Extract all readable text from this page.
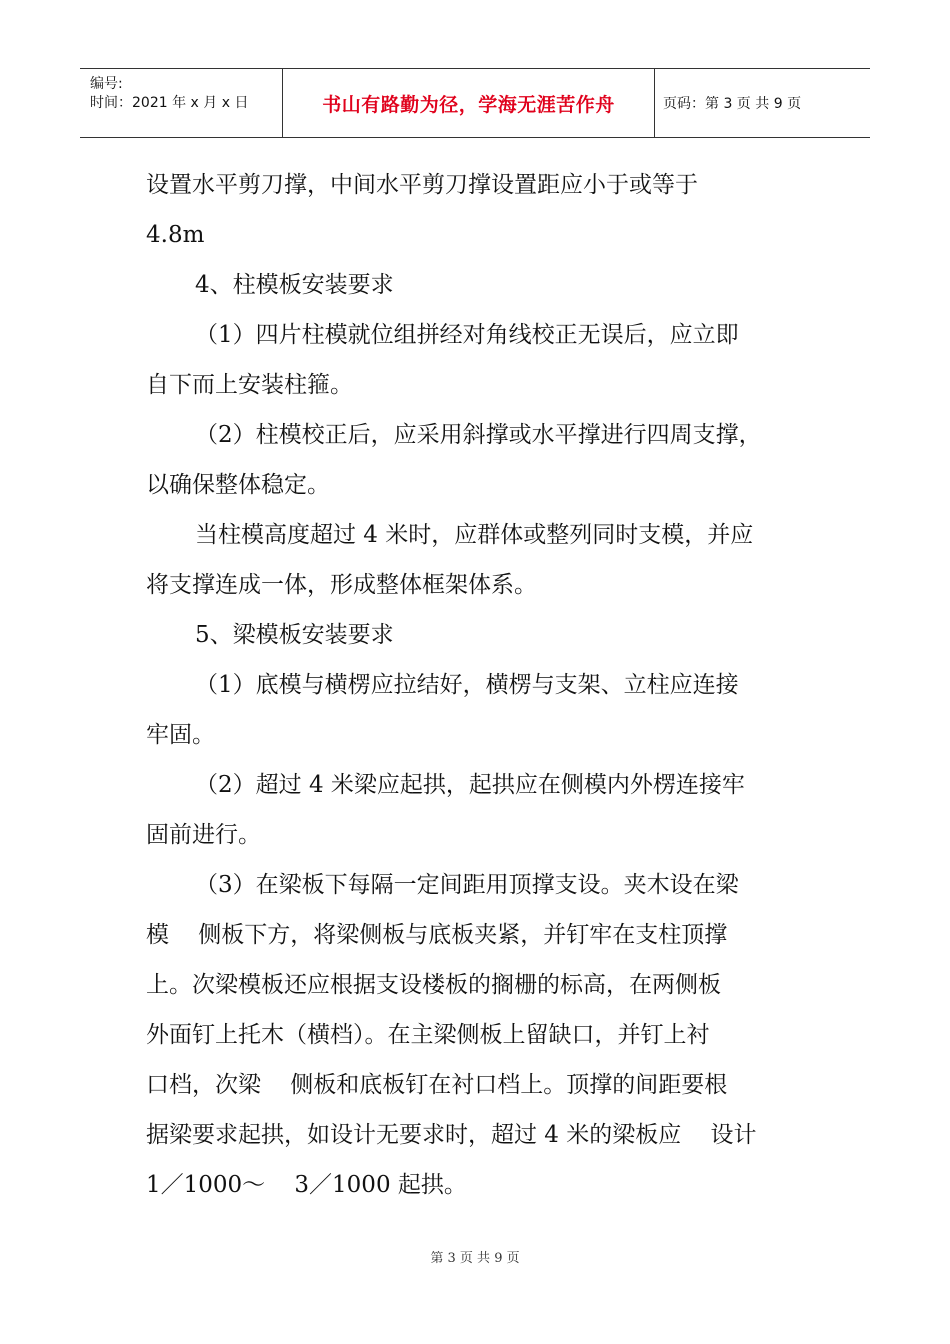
编号:
时间：2021 年 x 月 x 日	书山有路勤为径，学海无涯苦作舟	页码：第 3 页 共 9 页
设置水平剪刀撑，中间水平剪刀撑设置距应小于或等于
4.8m
4、柱模板安装要求
（1）四片柱模就位组拼经对角线校正无误后，应立即
自下而上安装柱箍。
（2）柱模校正后，应采用斜撑或水平撑进行四周支撑，
以确保整体稳定。
当柱模高度超过 4 米时，应群体或整列同时支模，并应
将支撑连成一体，形成整体框架体系。
5、梁模板安装要求
（1）底模与横楞应拉结好，横楞与支架、立柱应连接
牢固。
（2）超过 4 米梁应起拱，起拱应在侧模内外楞连接牢
固前进行。
（3）在梁板下每隔一定间距用顶撑支设。夹木设在梁
模    侧板下方，将梁侧板与底板夹紧，并钉牢在支柱顶撑
上。次梁模板还应根据支设楼板的搁栅的标高，在两侧板
外面钉上托木（横档）。在主梁侧板上留缺口，并钉上衬
口档，次梁    侧板和底板钉在衬口档上。顶撑的间距要根
据梁要求起拱，如设计无要求时，超过 4 米的梁板应    设计
1／1000～    3／1000 起拱。
第 3 页 共 9 页
